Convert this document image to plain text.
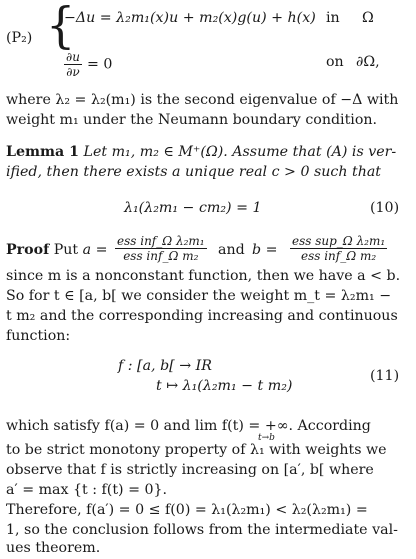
(P₂) {
−Δu = λ₂m₁(x)u + m₂(x)g(u) + h(x) in Ω
$\frac{\partial u}{\partial\nu} = 0$	on ∂Ω,
where λ₂ = λ₂(m₁) is the second eigenvalue of −Δ with
weight m₁ under the Neumann boundary condition.
Lemma 1 Let m₁, m₂ ∈ M⁺(Ω). Assume that (A) is ver-
ified, then there exists a unique real c > 0 such that
λ₁(λ₂m₁ − cm₂) = 1	(10)
Proof Put a =
ess inf_Ω λ₂m₁
ess inf_Ω m₂	and b =
ess sup_Ω λ₂m₁
ess inf_Ω m₂
since m is a nonconstant function, then we have a < b.
So for t ∈ [a, b[ we consider the weight m_t = λ₂m₁ −
t m₂ and the corresponding increasing and continuous
function:
f : [a, b[ → IR
t ↦ λ₁(λ₂m₁ − t m₂)
(11)
which satisfy f(a) = 0 and lim f(t) = +∞. According
t→b
to be strict monotony property of λ₁ with weights we
observe that f is strictly increasing on [a′, b[ where
a′ = max {t : f(t) = 0}.
Therefore, f(a′) = 0 ≤ f(0) = λ₁(λ₂m₁) < λ₂(λ₂m₁) =
1, so the conclusion follows from the intermediate val-
ues theorem.
